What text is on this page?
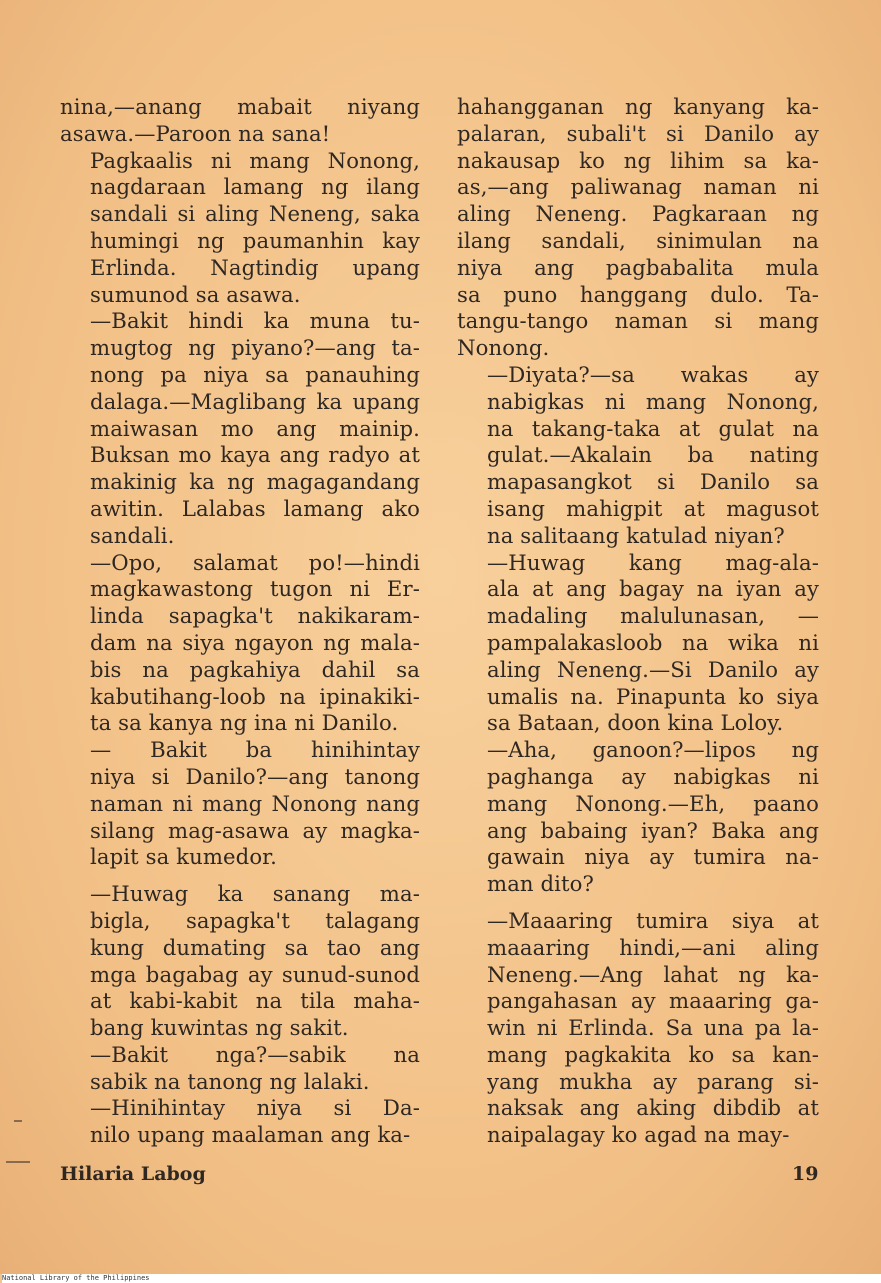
nina,—anang mabait niyang
asawa.—Paroon na sana!

Pagkaalis ni mang Nonong,
nagdaraan lamang ng ilang
sandali si aling Neneng, saka
humingi ng paumanhin kay
Erlinda. Nagtindig upang
sumunod sa asawa.

—Bakit hindi ka muna tu-
mugtog ng piyano?—ang ta-
nong pa niya sa panauhing
dalaga.—Maglibang ka upang
maiwasan mo ang mainip.
Buksan mo kaya ang radyo at
makinig ka ng magagandang
awitin. Lalabas lamang ako
sandali.

—Opo, salamat po!—hindi
magkawastong tugon ni Er-
linda sapagka't nakikaram-
dam na siya ngayon ng mala-
bis na pagkahiya dahil sa
kabutihang-loob na ipinakiki-
ta sa kanya ng ina ni Danilo.

— Bakit ba hinihintay
niya si Danilo?—ang tanong
naman ni mang Nonong nang
silang mag-asawa ay magka-
lapit sa kumedor.

—Huwag ka sanang ma-
bigla, sapagka't talagang
kung dumating sa tao ang
mga bagabag ay sunud-sunod
at kabi-kabit na tila maha-
bang kuwintas ng sakit.

—Bakit nga?—sabik na
sabik na tanong ng lalaki.

—Hinihintay niya si Da-
nilo upang maalaman ang ka-

hahangganan ng kanyang ka-
palaran, subali't si Danilo ay
nakausap ko ng lihim sa ka-
as,—ang paliwanag naman ni
aling Neneng. Pagkaraan ng
ilang sandali, sinimulan na
niya ang pagbabalita mula
sa puno hanggang dulo. Ta-
tangu-tango naman si mang
Nonong.

—Diyata?—sa wakas ay
nabigkas ni mang Nonong,
na takang-taka at gulat na
gulat.—Akalain ba nating
mapasangkot si Danilo sa
isang mahigpit at magusot
na salitaang katulad niyan?

—Huwag kang mag-ala-
ala at ang bagay na iyan ay
madaling malulunasan, —
pampalakasloob na wika ni
aling Neneng.—Si Danilo ay
umalis na. Pinapunta ko siya
sa Bataan, doon kina Loloy.

—Aha, ganoon?—lipos ng
paghanga ay nabigkas ni
mang Nonong.—Eh, paano
ang babaing iyan? Baka ang
gawain niya ay tumira na-
man dito?

—Maaaring tumira siya at
maaaring hindi,—ani aling
Neneng.—Ang lahat ng ka-
pangahasan ay maaaring ga-
win ni Erlinda. Sa una pa la-
mang pagkakita ko sa kan-
yang mukha ay parang si-
naksak ang aking dibdib at
naipalagay ko agad na may-

Hilaria Labog	19
National Library of the Philippines
